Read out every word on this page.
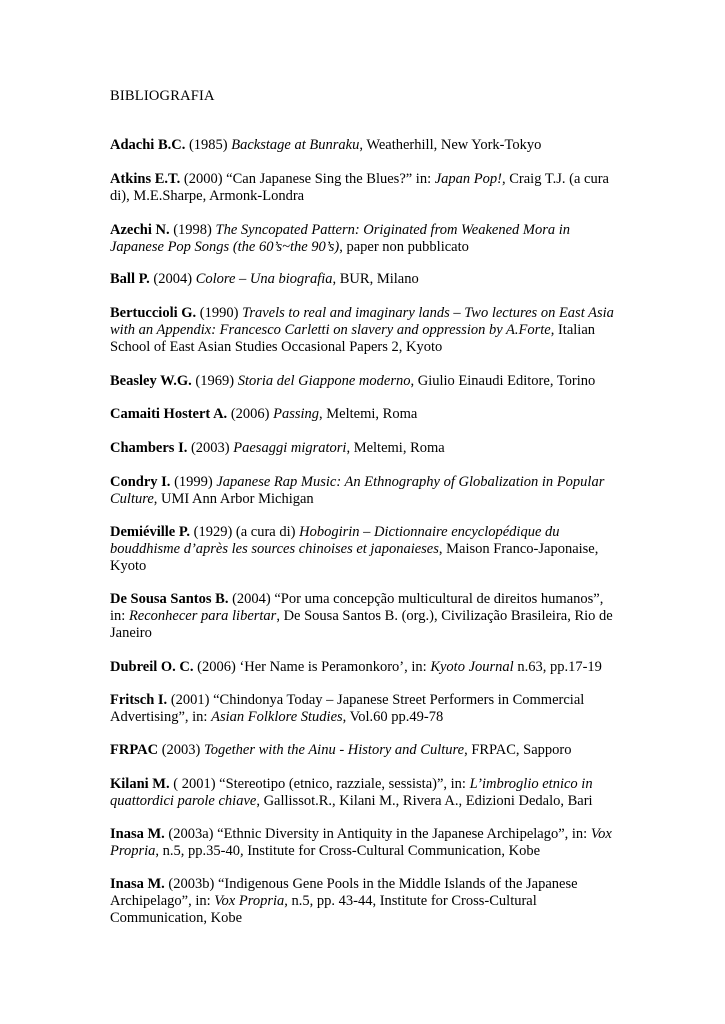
BIBLIOGRAFIA
Adachi B.C. (1985) Backstage at Bunraku, Weatherhill, New York-Tokyo
Atkins E.T. (2000) “Can Japanese Sing the Blues?” in: Japan Pop!, Craig T.J. (a cura di), M.E.Sharpe, Armonk-Londra
Azechi N. (1998) The Syncopated Pattern: Originated from Weakened Mora in Japanese Pop Songs (the 60’s~the 90’s), paper non pubblicato
Ball P. (2004) Colore – Una biografia, BUR, Milano
Bertuccioli G. (1990) Travels to real and imaginary lands – Two lectures on East Asia with an Appendix: Francesco Carletti on slavery and oppression by A.Forte, Italian School of East Asian Studies Occasional Papers 2, Kyoto
Beasley W.G. (1969) Storia del Giappone moderno, Giulio Einaudi Editore, Torino
Camaiti Hostert A. (2006) Passing, Meltemi, Roma
Chambers I. (2003) Paesaggi migratori, Meltemi, Roma
Condry I. (1999) Japanese Rap Music: An Ethnography of Globalization in Popular Culture, UMI Ann Arbor Michigan
Demiéville P. (1929) (a cura di) Hobogirin – Dictionnaire encyclopédique du bouddhisme d’après les sources chinoises et japonaieses, Maison Franco-Japonaise, Kyoto
De Sousa Santos B. (2004) “Por uma concepção multicultural de direitos humanos”, in: Reconhecer para libertar, De Sousa Santos B. (org.), Civilização Brasileira, Rio de Janeiro
Dubreil O. C. (2006) ‘Her Name is Peramonkoro’, in: Kyoto Journal n.63, pp.17-19
Fritsch I. (2001) “Chindonya Today – Japanese Street Performers in Commercial Advertising”, in: Asian Folklore Studies, Vol.60 pp.49-78
FRPAC (2003) Together with the Ainu - History and Culture, FRPAC, Sapporo
Kilani M. ( 2001) “Stereotipo (etnico, razziale, sessista)”, in: L’imbroglio etnico in quattordici parole chiave, Gallissot.R., Kilani M., Rivera A., Edizioni Dedalo, Bari
Inasa M. (2003a) “Ethnic Diversity in Antiquity in the Japanese Archipelago”, in: Vox Propria, n.5, pp.35-40, Institute for Cross-Cultural Communication, Kobe
Inasa M. (2003b) “Indigenous Gene Pools in the Middle Islands of the Japanese Archipelago”, in: Vox Propria, n.5, pp. 43-44, Institute for Cross-Cultural Communication, Kobe
